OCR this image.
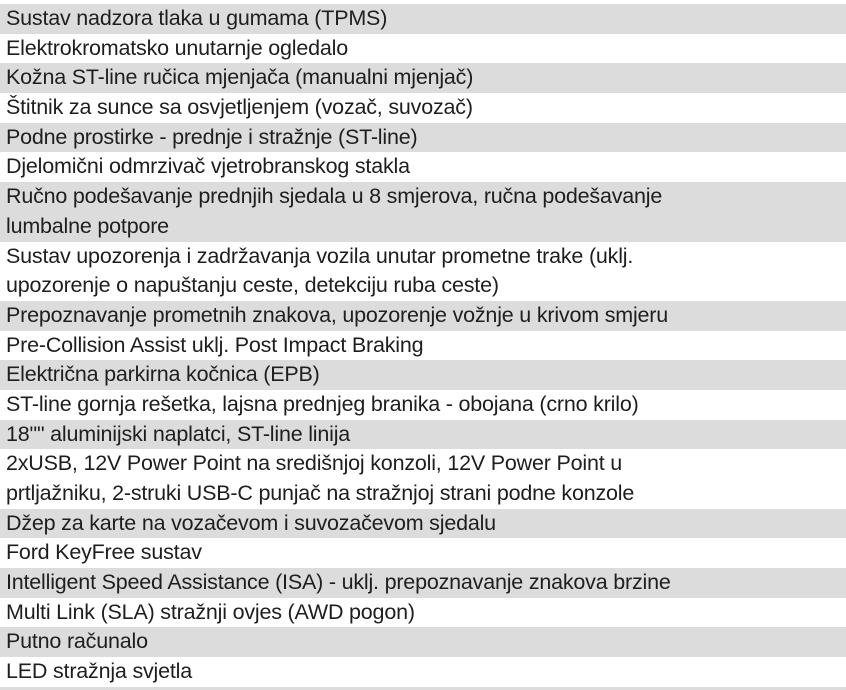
Sustav nadzora tlaka u gumama (TPMS)
Elektrokromatsko unutarnje ogledalo
Kožna ST-line ručica mjenjača (manualni mjenjač)
Štitnik za sunce sa osvjetljenjem (vozač, suvozač)
Podne prostirke - prednje i stražnje (ST-line)
Djelomični odmrzivač vjetrobranskog stakla
Ručno podešavanje prednjih sjedala u 8 smjerova, ručna podešavanje
lumbalne potpore
Sustav upozorenja i zadržavanja vozila unutar prometne trake (uklj.
upozorenje o napuštanju ceste, detekciju ruba ceste)
Prepoznavanje prometnih znakova, upozorenje vožnje u krivom smjeru
Pre-Collision Assist uklj. Post Impact Braking
Električna parkirna kočnica (EPB)
ST-line gornja rešetka, lajsna prednjeg branika - obojana (crno krilo)
18"" aluminijski naplatci, ST-line linija
2xUSB, 12V Power Point na središnjoj konzoli, 12V Power Point u
prtljažniku, 2-struki USB-C punjač na stražnjoj strani podne konzole
Džep za karte na vozačevom i suvozačevom sjedalu
Ford KeyFree sustav
Intelligent Speed Assistance (ISA) - uklj. prepoznavanje znakova brzine
Multi Link (SLA) stražnji ovjes (AWD pogon)
Putno računalo
LED stražnja svjetla
